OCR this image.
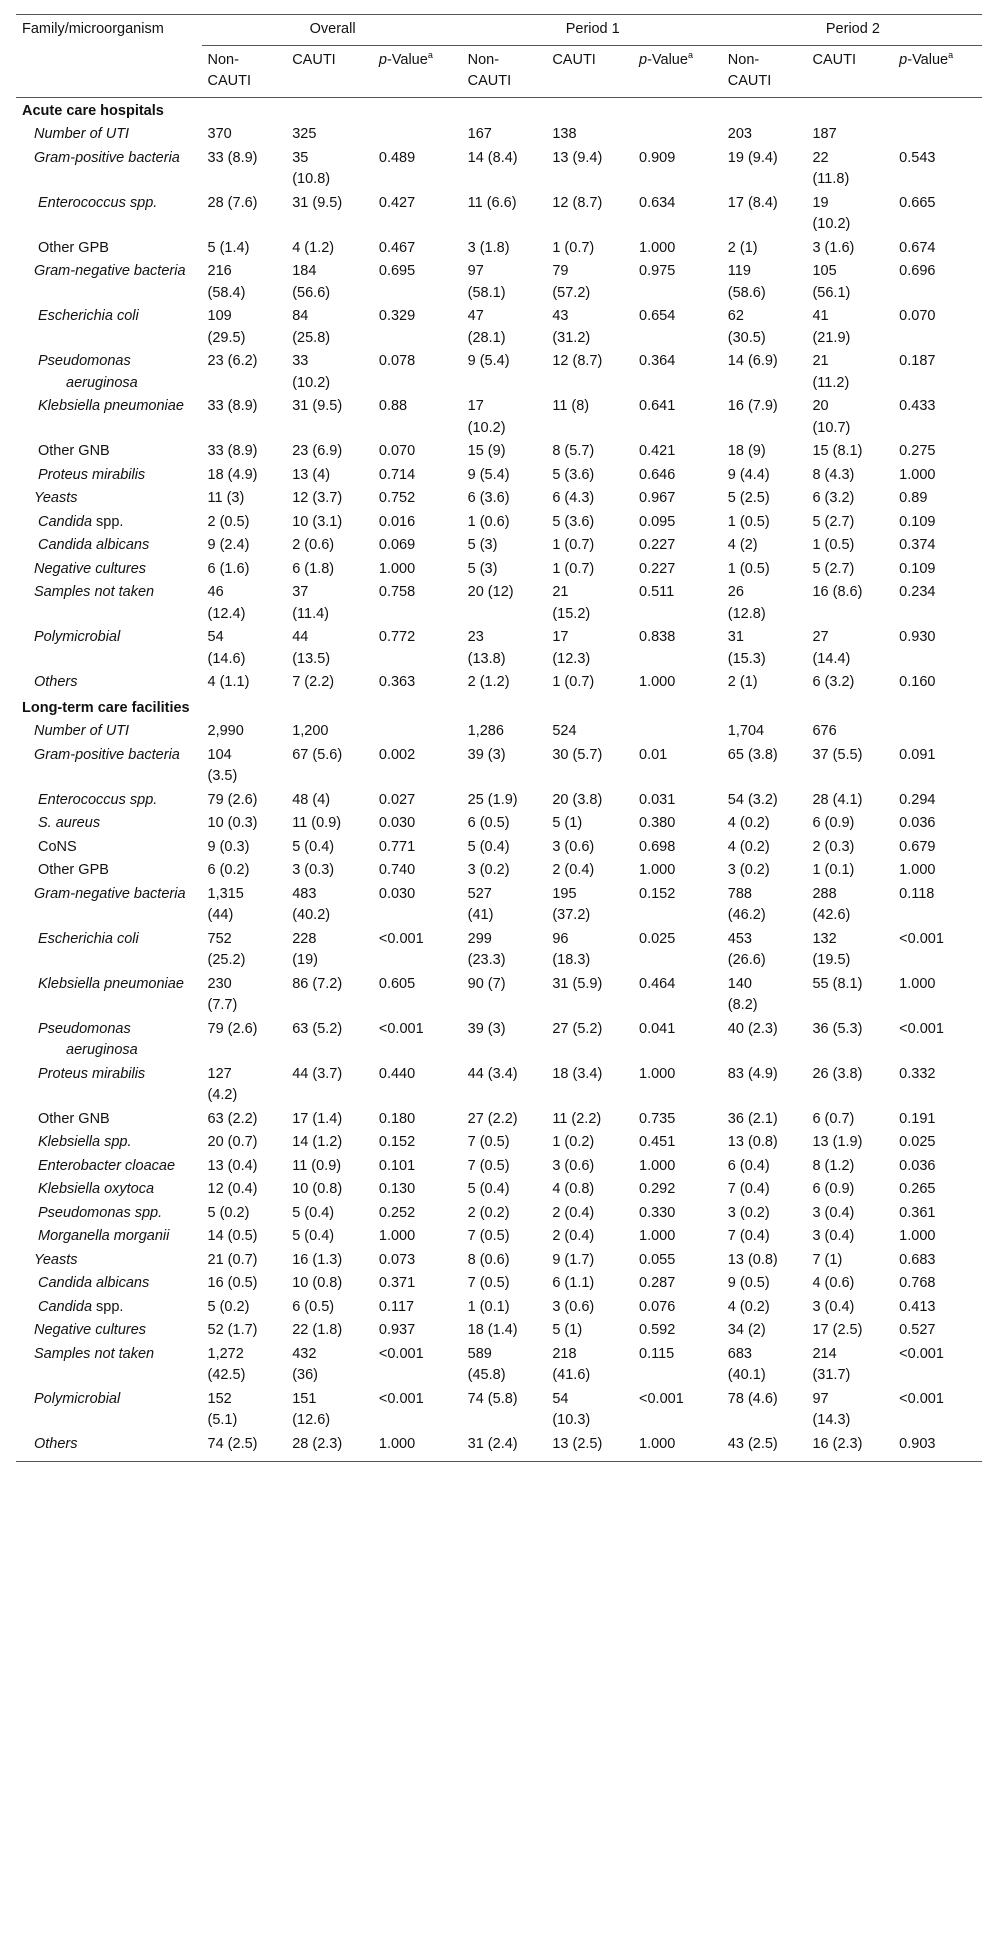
Family/microorganism	Overall			Period 1			Period 2		
	Non-CAUTI	CAUTI	p-Value$^a$	Non-CAUTI	CAUTI	p-Value$^a$	Non-CAUTI	CAUTI	p-Value$^a$
Acute care hospitals									
Number of UTI	370	325		167	138		203	187	

Gram-positive bacteria	33 (8.9)	35 (10.8)	0.489	14 (8.4)	13 (9.4)	0.909	19 (9.4)	22 (11.8)	0.543
Enterococcus spp.	28 (7.6)	31 (9.5)	0.427	11 (6.6)	12 (8.7)	0.634	17 (8.4)	19 (10.2)	0.665
Other GPB	5 (1.4)	4 (1.2)	0.467	3 (1.8)	1 (0.7)	1.000	2 (1)	3 (1.6)	0.674
Gram-negative bacteria	216 (58.4)	184 (56.6)	0.695	97 (58.1)	79 (57.2)	0.975	119 (58.6)	105 (56.1)	0.696
Escherichia coli	109 (29.5)	84 (25.8)	0.329	47 (28.1)	43 (31.2)	0.654	62 (30.5)	41 (21.9)	0.070
Pseudomonas aeruginosa	23 (6.2)	33 (10.2)	0.078	9 (5.4)	12 (8.7)	0.364	14 (6.9)	21 (11.2)	0.187
Klebsiella pneumoniae	33 (8.9)	31 (9.5)	0.88	17 (10.2)	11 (8)	0.641	16 (7.9)	20 (10.7)	0.433
Other GNB	33 (8.9)	23 (6.9)	0.070	15 (9)	8 (5.7)	0.421	18 (9)	15 (8.1)	0.275
Proteus mirabilis	18 (4.9)	13 (4)	0.714	9 (5.4)	5 (3.6)	0.646	9 (4.4)	8 (4.3)	1.000
Yeasts	11 (3)	12 (3.7)	0.752	6 (3.6)	6 (4.3)	0.967	5 (2.5)	6 (3.2)	0.89
Candida spp.	2 (0.5)	10 (3.1)	0.016	1 (0.6)	5 (3.6)	0.095	1 (0.5)	5 (2.7)	0.109
Candida albicans	9 (2.4)	2 (0.6)	0.069	5 (3)	1 (0.7)	0.227	4 (2)	1 (0.5)	0.374
Negative cultures	6 (1.6)	6 (1.8)	1.000	5 (3)	1 (0.7)	0.227	1 (0.5)	5 (2.7)	0.109
Samples not taken	46 (12.4)	37 (11.4)	0.758	20 (12)	21 (15.2)	0.511	26 (12.8)	16 (8.6)	0.234
Polymicrobial	54 (14.6)	44 (13.5)	0.772	23 (13.8)	17 (12.3)	0.838	31 (15.3)	27 (14.4)	0.930
Others	4 (1.1)	7 (2.2)	0.363	2 (1.2)	1 (0.7)	1.000	2 (1)	6 (3.2)	0.160
Long-term care facilities									
Number of UTI	2,990	1,200		1,286	524		1,704	676	

Gram-positive bacteria	104 (3.5)	67 (5.6)	0.002	39 (3)	30 (5.7)	0.01	65 (3.8)	37 (5.5)	0.091
Enterococcus spp.	79 (2.6)	48 (4)	0.027	25 (1.9)	20 (3.8)	0.031	54 (3.2)	28 (4.1)	0.294
S. aureus	10 (0.3)	11 (0.9)	0.030	6 (0.5)	5 (1)	0.380	4 (0.2)	6 (0.9)	0.036
CoNS	9 (0.3)	5 (0.4)	0.771	5 (0.4)	3 (0.6)	0.698	4 (0.2)	2 (0.3)	0.679
Other GPB	6 (0.2)	3 (0.3)	0.740	3 (0.2)	2 (0.4)	1.000	3 (0.2)	1 (0.1)	1.000
Gram-negative bacteria	1,315 (44)	483 (40.2)	0.030	527 (41)	195 (37.2)	0.152	788 (46.2)	288 (42.6)	0.118
Escherichia coli	752 (25.2)	228 (19)	<0.001	299 (23.3)	96 (18.3)	0.025	453 (26.6)	132 (19.5)	<0.001
Klebsiella pneumoniae	230 (7.7)	86 (7.2)	0.605	90 (7)	31 (5.9)	0.464	140 (8.2)	55 (8.1)	1.000
Pseudomonas aeruginosa	79 (2.6)	63 (5.2)	<0.001	39 (3)	27 (5.2)	0.041	40 (2.3)	36 (5.3)	<0.001
Proteus mirabilis	127 (4.2)	44 (3.7)	0.440	44 (3.4)	18 (3.4)	1.000	83 (4.9)	26 (3.8)	0.332
Other GNB	63 (2.2)	17 (1.4)	0.180	27 (2.2)	11 (2.2)	0.735	36 (2.1)	6 (0.7)	0.191
Klebsiella spp.	20 (0.7)	14 (1.2)	0.152	7 (0.5)	1 (0.2)	0.451	13 (0.8)	13 (1.9)	0.025
Enterobacter cloacae	13 (0.4)	11 (0.9)	0.101	7 (0.5)	3 (0.6)	1.000	6 (0.4)	8 (1.2)	0.036
Klebsiella oxytoca	12 (0.4)	10 (0.8)	0.130	5 (0.4)	4 (0.8)	0.292	7 (0.4)	6 (0.9)	0.265
Pseudomonas spp.	5 (0.2)	5 (0.4)	0.252	2 (0.2)	2 (0.4)	0.330	3 (0.2)	3 (0.4)	0.361
Morganella morganii	14 (0.5)	5 (0.4)	1.000	7 (0.5)	2 (0.4)	1.000	7 (0.4)	3 (0.4)	1.000
Yeasts	21 (0.7)	16 (1.3)	0.073	8 (0.6)	9 (1.7)	0.055	13 (0.8)	7 (1)	0.683
Candida albicans	16 (0.5)	10 (0.8)	0.371	7 (0.5)	6 (1.1)	0.287	9 (0.5)	4 (0.6)	0.768
Candida spp.	5 (0.2)	6 (0.5)	0.117	1 (0.1)	3 (0.6)	0.076	4 (0.2)	3 (0.4)	0.413
Negative cultures	52 (1.7)	22 (1.8)	0.937	18 (1.4)	5 (1)	0.592	34 (2)	17 (2.5)	0.527
Samples not taken	1,272 (42.5)	432 (36)	<0.001	589 (45.8)	218 (41.6)	0.115	683 (40.1)	214 (31.7)	<0.001
Polymicrobial	152 (5.1)	151 (12.6)	<0.001	74 (5.8)	54 (10.3)	<0.001	78 (4.6)	97 (14.3)	<0.001
Others	74 (2.5)	28 (2.3)	1.000	31 (2.4)	13 (2.5)	1.000	43 (2.5)	16 (2.3)	0.903
